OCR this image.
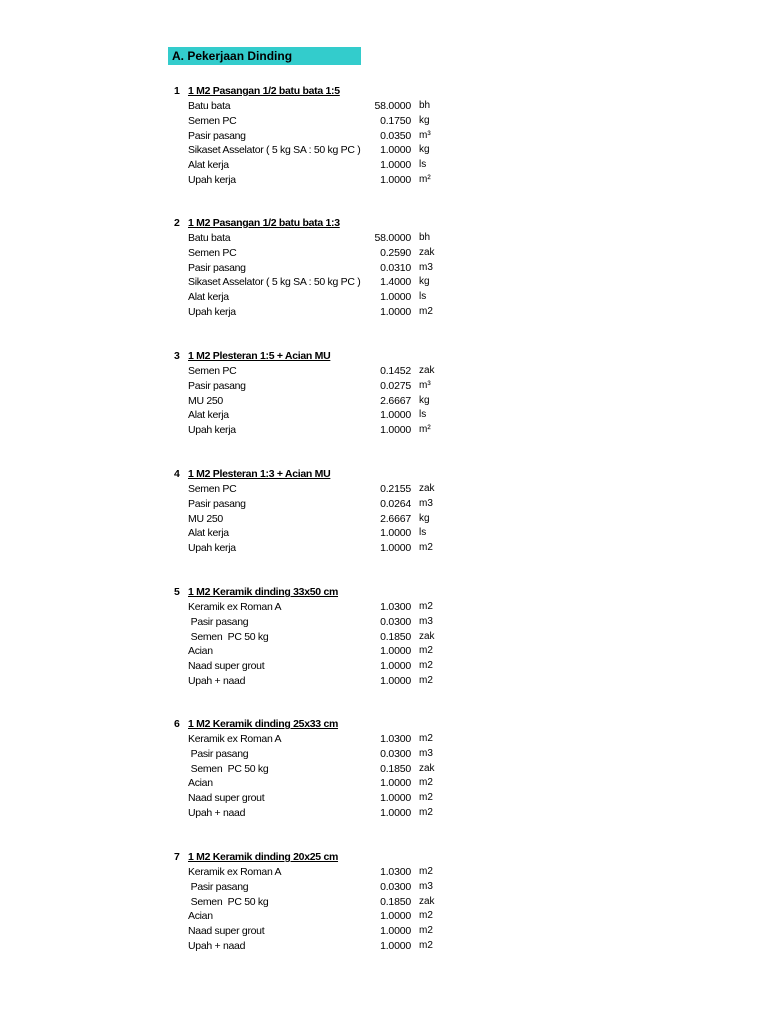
A. Pekerjaan Dinding
1 1 M2 Pasangan 1/2 batu bata 1:5
Batu bata	58.0000 bh
Semen PC	0.1750 kg
Pasir pasang	0.0350 m³
Sikaset Asselator ( 5 kg SA : 50 kg PC ) 1.0000 kg
Alat kerja	1.0000 ls
Upah kerja	1.0000 m²
2 1 M2 Pasangan 1/2 batu bata 1:3
Batu bata	58.0000 bh
Semen PC	0.2590 zak
Pasir pasang	0.0310 m3
Sikaset Asselator ( 5 kg SA : 50 kg PC ) 1.4000 kg
Alat kerja	1.0000 ls
Upah kerja	1.0000 m2
3 1 M2 Plesteran 1:5 + Acian MU
Semen PC	0.1452 zak
Pasir pasang	0.0275 m³
MU 250	2.6667 kg
Alat kerja	1.0000 ls
Upah kerja	1.0000 m²
4 1 M2 Plesteran 1:3 + Acian MU
Semen PC	0.2155 zak
Pasir pasang	0.0264 m3
MU 250	2.6667 kg
Alat kerja	1.0000 ls
Upah kerja	1.0000 m2
5 1 M2 Keramik dinding 33x50 cm
Keramik ex Roman A	1.0300 m2
Pasir pasang	0.0300 m3
Semen  PC 50 kg	0.1850 zak
Acian	1.0000 m2
Naad super grout	1.0000 m2
Upah + naad	1.0000 m2
6 1 M2 Keramik dinding 25x33 cm
Keramik ex Roman A	1.0300 m2
Pasir pasang	0.0300 m3
Semen  PC 50 kg	0.1850 zak
Acian	1.0000 m2
Naad super grout	1.0000 m2
Upah + naad	1.0000 m2
7 1 M2 Keramik dinding 20x25 cm
Keramik ex Roman A	1.0300 m2
Pasir pasang	0.0300 m3
Semen  PC 50 kg	0.1850 zak
Acian	1.0000 m2
Naad super grout	1.0000 m2
Upah + naad	1.0000 m2
